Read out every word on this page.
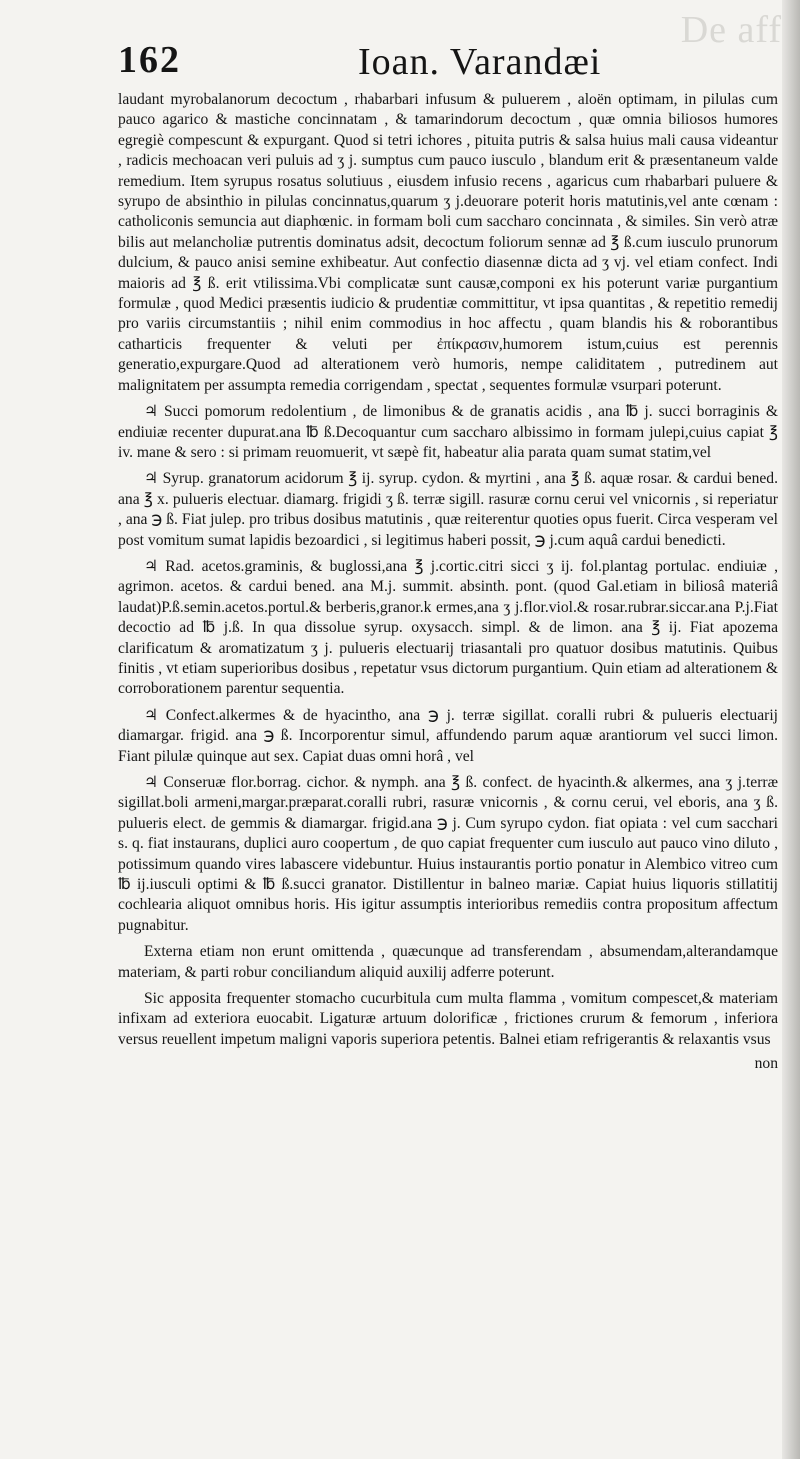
De aff
162	Ioan. Varandæi

laudant myrobalanorum decoctum , rhabarbari infusum & puluerem , aloën optimam, in pilulas cum pauco agarico & mastiche concinnatam , & tamarindorum decoctum , quæ omnia biliosos humores egregiè compescunt & expurgant. Quod si tetri ichores , pituita putris & salsa huius mali causa videantur , radicis mechoacan veri puluis ad ʒ j. sumptus cum pauco iusculo , blandum erit & præsentaneum valde remedium. Item syrupus rosatus solutiuus , eiusdem infusio recens , agaricus cum rhabarbari puluere & syrupo de absinthio in pilulas concinnatus,quarum ʒ j.deuorare poterit horis matutinis,vel ante cœnam : catholiconis semuncia aut diaphœnic. in formam boli cum saccharo concinnata , & similes. Sin verò atræ bilis aut melancholiæ putrentis dominatus adsit, decoctum foliorum sennæ ad ℥ ß.cum iusculo prunorum dulcium, & pauco anisi semine exhibeatur. Aut confectio diasennæ dicta ad ʒ vj. vel etiam confect. Indi maioris ad ℥ ß. erit vtilissima.Vbi complicatæ sunt causæ,componi ex his poterunt variæ purgantium formulæ , quod Medici præsentis iudicio & prudentiæ committitur, vt ipsa quantitas , & repetitio remedij pro variis circumstantiis ; nihil enim commodius in hoc affectu , quam blandis his & roborantibus catharticis frequenter & veluti per ἐπίκρασιν,humorem istum,cuius est perennis generatio,expurgare.Quod ad alterationem verò humoris, nempe caliditatem , putredinem aut malignitatem per assumpta remedia corrigendam , spectat , sequentes formulæ vsurpari poterunt.

♃ Succi pomorum redolentium , de limonibus & de granatis acidis , ana ℔ j. succi borraginis & endiuiæ recenter dupurat.ana ℔ ß.Decoquantur cum saccharo albissimo in formam julepi,cuius capiat ℥ iv. mane & sero : si primam reuomuerit, vt sæpè fit, habeatur alia parata quam sumat statim,vel

♃ Syrup. granatorum acidorum ℥ ij. syrup. cydon. & myrtini , ana ℥ ß. aquæ rosar. & cardui bened. ana ℥ x. pulueris electuar. diamarg. frigidi ʒ ß. terræ sigill. rasuræ cornu cerui vel vnicornis , si reperiatur , ana ℈ ß. Fiat julep. pro tribus dosibus matutinis , quæ reiterentur quoties opus fuerit. Circa vesperam vel post vomitum sumat lapidis bezoardici , si legitimus haberi possit, ℈ j.cum aquâ cardui benedicti.

♃ Rad. acetos.graminis, & buglossi,ana ℥ j.cortic.citri sicci ʒ ij. fol.plantag portulac. endiuiæ , agrimon. acetos. & cardui bened. ana M.j. summit. absinth. pont. (quod Gal.etiam in biliosâ materiâ laudat)P.ß.semin.acetos.portul.& berberis,granor.k ermes,ana ʒ j.flor.viol.& rosar.rubrar.siccar.ana P.j.Fiat decoctio ad ℔ j.ß. In qua dissolue syrup. oxysacch. simpl. & de limon. ana ℥ ij. Fiat apozema clarificatum & aromatizatum ʒ j. pulueris electuarij triasantali pro quatuor dosibus matutinis. Quibus finitis , vt etiam superioribus dosibus , repetatur vsus dictorum purgantium. Quin etiam ad alterationem & corroborationem parentur sequentia.

♃ Confect.alkermes & de hyacintho, ana ℈ j. terræ sigillat. coralli rubri & pulueris electuarij diamargar. frigid. ana ℈ ß. Incorporentur simul, affundendo parum aquæ arantiorum vel succi limon. Fiant pilulæ quinque aut sex. Capiat duas omni horâ , vel

♃ Conseruæ flor.borrag. cichor. & nymph. ana ℥ ß. confect. de hyacinth.& alkermes, ana ʒ j.terræ sigillat.boli armeni,margar.præparat.coralli rubri, rasuræ vnicornis , & cornu cerui, vel eboris, ana ʒ ß. pulueris elect. de gemmis & diamargar. frigid.ana ℈ j. Cum syrupo cydon. fiat opiata : vel cum sacchari s. q. fiat instaurans, duplici auro coopertum , de quo capiat frequenter cum iusculo aut pauco vino diluto , potissimum quando vires labascere videbuntur. Huius instaurantis portio ponatur in Alembico vitreo cum ℔ ij.iusculi optimi & ℔ ß.succi granator. Distillentur in balneo mariæ. Capiat huius liquoris stillatitij cochlearia aliquot omnibus horis. His igitur assumptis interioribus remediis contra propositum affectum pugnabitur.

Externa etiam non erunt omittenda , quæcunque ad transferendam , absumendam,alterandamque materiam, & parti robur conciliandum aliquid auxilij adferre poterunt.

Sic apposita frequenter stomacho cucurbitula cum multa flamma , vomitum compescet,& materiam infixam ad exteriora euocabit. Ligaturæ artuum dolorificæ , frictiones crurum & femorum , inferiora versus reuellent impetum maligni vaporis superiora petentis. Balnei etiam refrigerantis & relaxantis vsus

non
